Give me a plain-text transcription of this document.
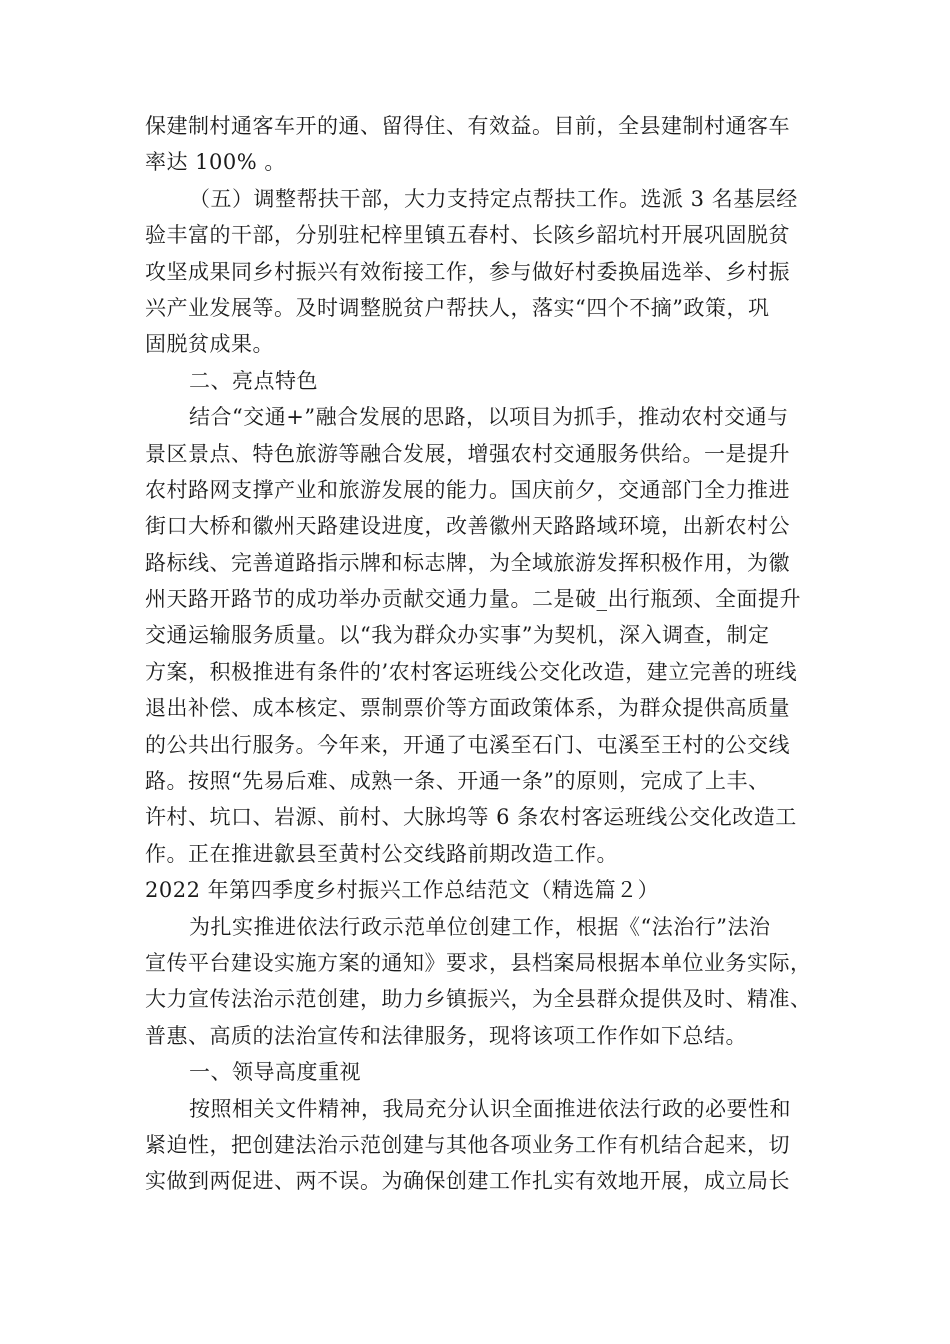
保建制村通客车开的通、留得住、有效益。目前，全县建制村通客车
率达 100% 。
（五）调整帮扶干部，大力支持定点帮扶工作。选派 3 名基层经
验丰富的干部，分别驻杞梓里镇五春村、长陔乡韶坑村开展巩固脱贫
攻坚成果同乡村振兴有效衔接工作，参与做好村委换届选举、乡村振
兴产业发展等。及时调整脱贫户帮扶人，落实“四个不摘”政策，巩
固脱贫成果。
二、亮点特色
结合“交通+”融合发展的思路，以项目为抓手，推动农村交通与
景区景点、特色旅游等融合发展，增强农村交通服务供给。一是提升
农村路网支撑产业和旅游发展的能力。国庆前夕，交通部门全力推进
街口大桥和徽州天路建设进度，改善徽州天路路域环境，出新农村公
路标线、完善道路指示牌和标志牌，为全域旅游发挥积极作用，为徽
州天路开路节的成功举办贡献交通力量。二是破_出行瓶颈、全面提升
交通运输服务质量。以“我为群众办实事”为契机，深入调查，制定
方案，积极推进有条件的’农村客运班线公交化改造，建立完善的班线
退出补偿、成本核定、票制票价等方面政策体系，为群众提供高质量
的公共出行服务。今年来，开通了屯溪至石门、屯溪至王村的公交线
路。按照“先易后难、成熟一条、开通一条”的原则，完成了上丰、
许村、坑口、岩源、前村、大脉坞等 6 条农村客运班线公交化改造工
作。正在推进歙县至黄村公交线路前期改造工作。
2022 年第四季度乡村振兴工作总结范文（精选篇２）
为扎实推进依法行政示范单位创建工作，根据《“法治行”法治
宣传平台建设实施方案的通知》要求，县档案局根据本单位业务实际，
大力宣传法治示范创建，助力乡镇振兴，为全县群众提供及时、精准、
普惠、高质的法治宣传和法律服务，现将该项工作作如下总结。
一、领导高度重视
按照相关文件精神，我局充分认识全面推进依法行政的必要性和
紧迫性，把创建法治示范创建与其他各项业务工作有机结合起来，切
实做到两促进、两不误。为确保创建工作扎实有效地开展，成立局长
